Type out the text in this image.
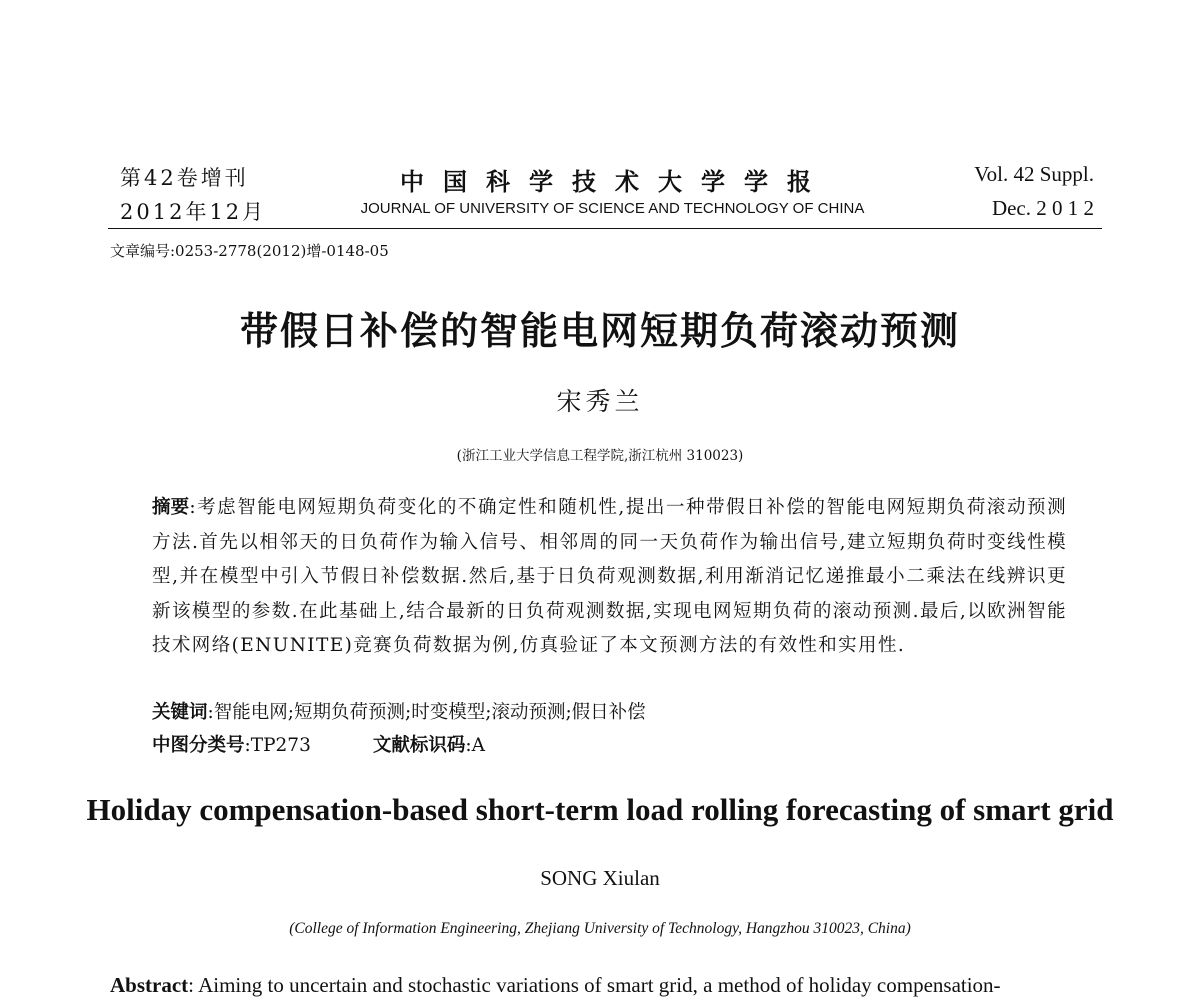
第42卷增刊
2012年12月
中国科学技术大学学报
JOURNAL OF UNIVERSITY OF SCIENCE AND TECHNOLOGY OF CHINA
Vol. 42 Suppl.
Dec. 2 0 1 2
文章编号:0253-2778(2012)增-0148-05
带假日补偿的智能电网短期负荷滚动预测
宋秀兰
(浙江工业大学信息工程学院,浙江杭州 310023)
摘要:考虑智能电网短期负荷变化的不确定性和随机性,提出一种带假日补偿的智能电网短期负荷滚动预测方法.首先以相邻天的日负荷作为输入信号、相邻周的同一天负荷作为输出信号,建立短期负荷时变线性模型,并在模型中引入节假日补偿数据.然后,基于日负荷观测数据,利用渐消记忆递推最小二乘法在线辨识更新该模型的参数.在此基础上,结合最新的日负荷观测数据,实现电网短期负荷的滚动预测.最后,以欧洲智能技术网络(ENUNITE)竞赛负荷数据为例,仿真验证了本文预测方法的有效性和实用性.
关键词:智能电网;短期负荷预测;时变模型;滚动预测;假日补偿
中图分类号:TP273	文献标识码:A
Holiday compensation-based short-term load rolling forecasting of smart grid
SONG Xiulan
(College of Information Engineering, Zhejiang University of Technology, Hangzhou 310023, China)
Abstract: Aiming to uncertain and stochastic variations of smart grid, a method of holiday compensation-
